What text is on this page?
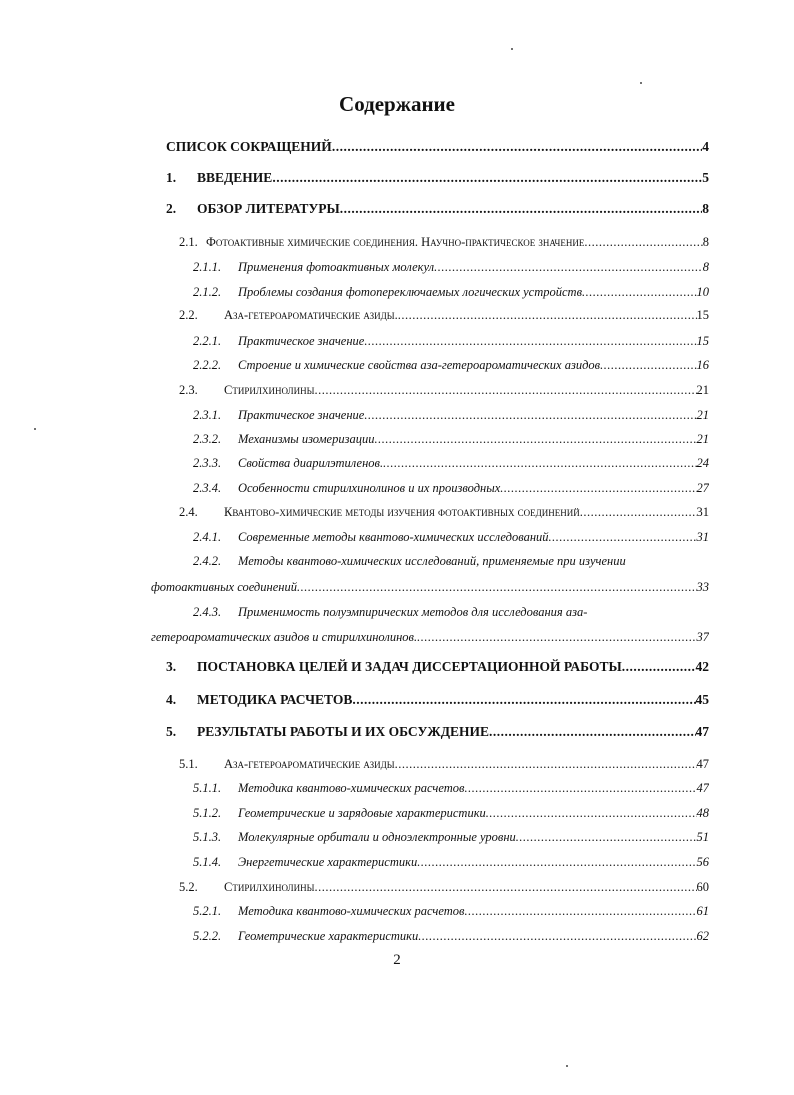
Содержание
СПИСОК СОКРАЩЕНИЙ .....	4
1.	ВВЕДЕНИЕ .....	5
2.	ОБЗОР ЛИТЕРАТУРЫ .....	8
2.1. Фотоактивные химические соединения. Научно-практическое значение .....	8
2.1.1.	Применения фотоактивных молекул .....	8
2.1.2.	Проблемы создания фотопереключаемых логических устройств .....	10
2.2.	Аза-гетероароматические азиды. .....	15
2.2.1.	Практическое значение .....	15
2.2.2.	Строение и химические свойства аза-гетероароматических азидов .....	16
2.3.	Стирилхинолины .....	21
2.3.1.	Практическое значение .....	21
2.3.2.	Механизмы изомеризации .....	21
2.3.3.	Свойства диарилэтиленов. .....	24
2.3.4.	Особенности стирилхинолинов и их производных .....	27
2.4.	Квантово-химические методы изучения фотоактивных соединений .....	31
2.4.1.	Современные методы квантово-химических исследований .....	31
2.4.2.	Методы квантово-химических исследований, применяемые при изучении
фотоактивных соединений .....	33
2.4.3.	Применимость полуэмпирических методов для исследования аза-
гетероароматических азидов и стирилхинолинов. .....	37
3.	ПОСТАНОВКА ЦЕЛЕЙ И ЗАДАЧ ДИССЕРТАЦИОННОЙ РАБОТЫ .....	42
4.	МЕТОДИКА РАСЧЕТОВ .....	45
5.	РЕЗУЛЬТАТЫ РАБОТЫ И ИХ ОБСУЖДЕНИЕ .....	47
5.1.	Аза-гетероароматические азиды .....	47
5.1.1.	Методика квантово-химических расчетов .....	47
5.1.2.	Геометрические и зарядовые характеристики .....	48
5.1.3.	Молекулярные орбитали и одноэлектронные уровни .....	51
5.1.4.	Энергетические характеристики .....	56
5.2.	Стирилхинолины .....	60
5.2.1.	Методика квантово-химических расчетов .....	61
5.2.2.	Геометрические характеристики .....	62
2
